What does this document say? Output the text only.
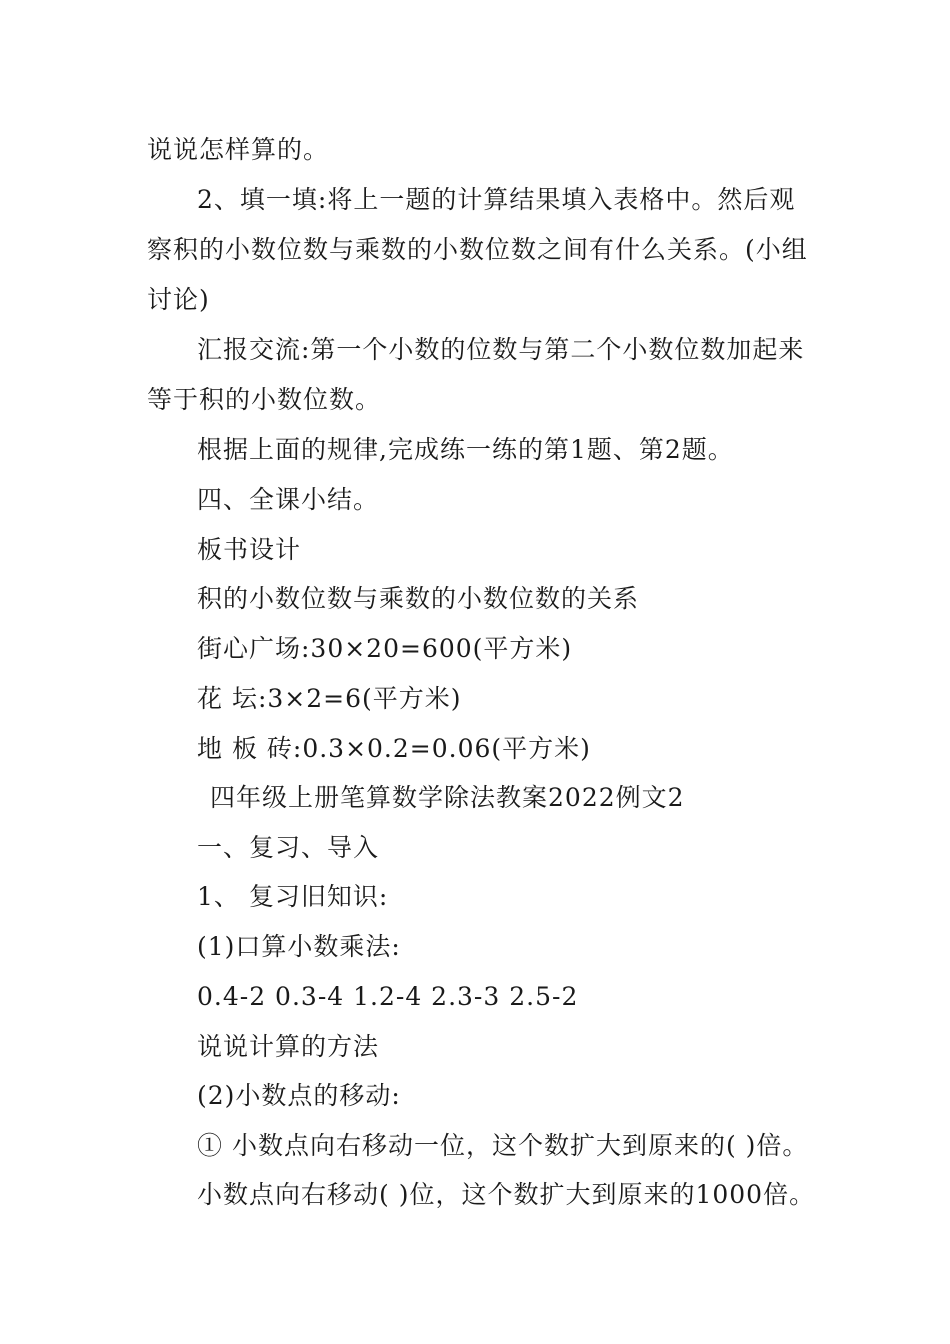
说说怎样算的。
2、填一填:将上一题的计算结果填入表格中。然后观
察积的小数位数与乘数的小数位数之间有什么关系。(小组
讨论)
汇报交流:第一个小数的位数与第二个小数位数加起来
等于积的小数位数。
根据上面的规律,完成练一练的第1题、第2题。
四、全课小结。
板书设计
积的小数位数与乘数的小数位数的关系
街心广场:30×20=600(平方米)
花 坛:3×2=6(平方米)
地 板 砖:0.3×0.2=0.06(平方米)
四年级上册笔算数学除法教案2022例文2
一、复习、导入
1、 复习旧知识:
(1)口算小数乘法:
0.4-2 0.3-4 1.2-4 2.3-3 2.5-2
说说计算的方法
(2)小数点的移动:
① 小数点向右移动一位，这个数扩大到原来的( )倍。
小数点向右移动( )位，这个数扩大到原来的1000倍。
